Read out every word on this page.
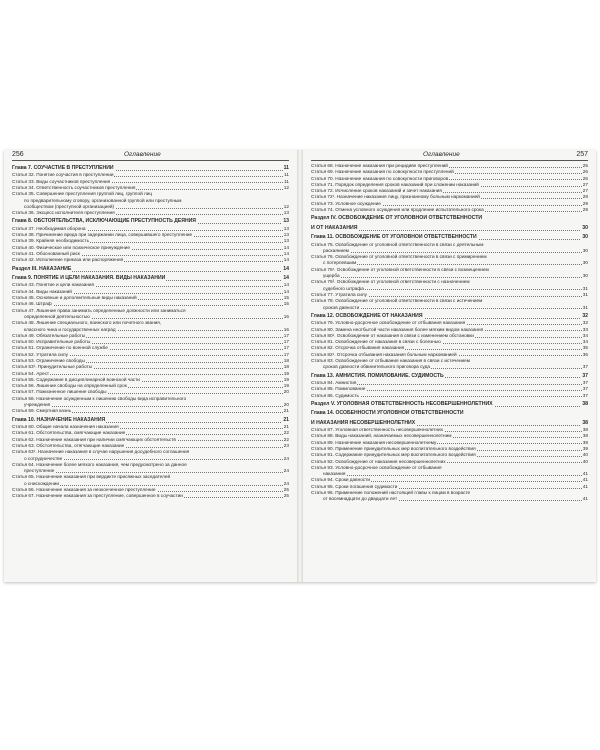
256	Оглавление
Глава 7. СОУЧАСТИЕ В ПРЕСТУПЛЕНИИ	11
Статья 32. Понятие соучастия в преступлении	11
Статья 33. Виды соучастников преступления	11
Статья 34. Ответственность соучастников преступления	12
Статья 35. Совершение преступления группой лиц, группой лиц
по предварительному сговору, организованной группой или преступным
сообществом (преступной организацией)	12
Статья 36. Эксцесс исполнителя преступления	13
Глава 8. ОБСТОЯТЕЛЬСТВА, ИСКЛЮЧАЮЩИЕ ПРЕСТУПНОСТЬ ДЕЯНИЯ	13
Статья 37. Необходимая оборона	13
Статья 38. Причинение вреда при задержании лица, совершившего преступление	13
Статья 39. Крайняя необходимость	13
Статья 40. Физическое или психическое принуждение	14
Статья 41. Обоснованный риск	14
Статья 42. Исполнение приказа или распоряжения	14
Раздел III. НАКАЗАНИЕ	14
Глава 9. ПОНЯТИЕ И ЦЕЛИ НАКАЗАНИЯ. ВИДЫ НАКАЗАНИЙ	14
Статья 43. Понятие и цели наказания	14
Статья 44. Виды наказаний	14
Статья 45. Основные и дополнительные виды наказаний	15
Статья 46. Штраф	15
Статья 47. Лишение права занимать определенные должности или заниматься
определенной деятельностью	16
Статья 48. Лишение специального, воинского или почетного звания,
классного чина и государственных наград	16
Статья 49. Обязательные работы	17
Статья 50. Исправительные работы	17
Статья 51. Ограничение по военной службе	17
Статья 52. Утратила силу	17
Статья 53. Ограничение свободы	18
Статья 53¹. Принудительные работы	18
Статья 54. Арест	19
Статья 55. Содержание в дисциплинарной воинской части	19
Статья 56. Лишение свободы на определенный срок	19
Статья 57. Пожизненное лишение свободы	20
Статья 58. Назначение осужденным к лишению свободы вида исправительного
учреждения	20
Статья 59. Смертная казнь	21
Глава 10. НАЗНАЧЕНИЕ НАКАЗАНИЯ	21
Статья 60. Общие начала назначения наказания	21
Статья 61. Обстоятельства, смягчающие наказание	22
Статья 62. Назначение наказания при наличии смягчающих обстоятельств	22
Статья 63. Обстоятельства, отягчающие наказание	23
Статья 63¹. Назначение наказания в случае нарушения досудебного соглашения
о сотрудничестве	24
Статья 64. Назначение более мягкого наказания, чем предусмотрено за данное
преступление	24
Статья 65. Назначение наказания при вердикте присяжных заседателей
о снисхождении	24
Статья 66. Назначение наказания за неоконченное преступление	25
Статья 67. Назначение наказания за преступление, совершенное в соучастии	25
Оглавление	257
Статья 68. Назначение наказания при рецидиве преступлений	25
Статья 69. Назначение наказания по совокупности преступлений	26
Статья 70. Назначение наказания по совокупности приговоров	26
Статья 71. Порядок определения сроков наказаний при сложении наказаний	27
Статья 72. Исчисление сроков наказаний и зачет наказания	27
Статья 72¹. Назначение наказания лицу, признанному больным наркоманией	28
Статья 73. Условное осуждение	29
Статья 74. Отмена условного осуждения или продление испытательного срока	29
Раздел IV. ОСВОБОЖДЕНИЕ ОТ УГОЛОВНОЙ ОТВЕТСТВЕННОСТИ
И ОТ НАКАЗАНИЯ	30
Глава 11. ОСВОБОЖДЕНИЕ ОТ УГОЛОВНОЙ ОТВЕТСТВЕННОСТИ	30
Статья 75. Освобождение от уголовной ответственности в связи с деятельным
раскаянием	30
Статья 76. Освобождение от уголовной ответственности в связи с примирением
с потерпевшим	30
Статья 76¹. Освобождение от уголовной ответственности в связи с возмещением
ущерба	30
Статья 76². Освобождение от уголовной ответственности с назначением
судебного штрафа	31
Статья 77. Утратила силу	31
Статья 78. Освобождение от уголовной ответственности в связи с истечением
сроков давности	31
Глава 12. ОСВОБОЖДЕНИЕ ОТ НАКАЗАНИЯ	32
Статья 79. Условно-досрочное освобождение от отбывания наказания	32
Статья 80. Замена неотбытой части наказания более мягким видом наказания	33
Статья 80¹. Освобождение от наказания в связи с изменением обстановки	34
Статья 81. Освобождение от наказания в связи с болезнью	34
Статья 82. Отсрочка отбывания наказания	35
Статья 82¹. Отсрочка отбывания наказания больным наркоманией	36
Статья 83. Освобождение от отбывания наказания в связи с истечением
сроков давности обвинительного приговора суда	37
Глава 13. АМНИСТИЯ. ПОМИЛОВАНИЕ. СУДИМОСТЬ	37
Статья 84. Амнистия	37
Статья 85. Помилование	37
Статья 86. Судимость	37
Раздел V. УГОЛОВНАЯ ОТВЕТСТВЕННОСТЬ НЕСОВЕРШЕННОЛЕТНИХ	38
Глава 14. ОСОБЕННОСТИ УГОЛОВНОЙ ОТВЕТСТВЕННОСТИ
И НАКАЗАНИЯ НЕСОВЕРШЕННОЛЕТНИХ	38
Статья 87. Уголовная ответственность несовершеннолетних	38
Статья 88. Виды наказаний, назначаемых несовершеннолетним	38
Статья 89. Назначение наказания несовершеннолетнему	39
Статья 90. Применение принудительных мер воспитательного воздействия	39
Статья 91. Содержание принудительных мер воспитательного воздействия	40
Статья 92. Освобождение от наказания несовершеннолетних	40
Статья 93. Условно-досрочное освобождение от отбывания
наказания	41
Статья 94. Сроки давности	41
Статья 95. Сроки погашения судимости	41
Статья 96. Применение положений настоящей главы к лицам в возрасте
от восемнадцати до двадцати лет	41
